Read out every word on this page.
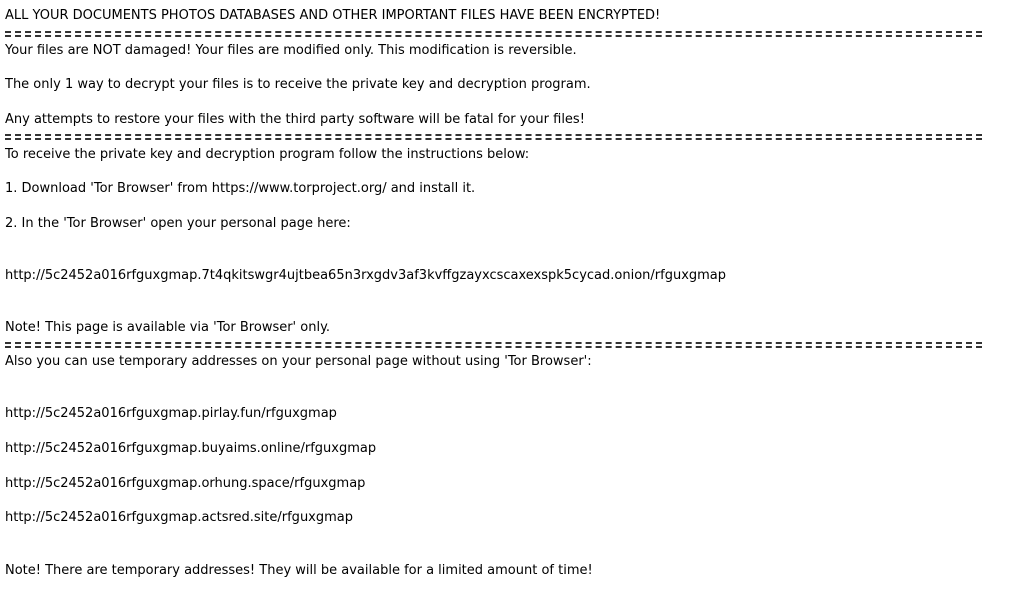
ALL YOUR DOCUMENTS PHOTOS DATABASES AND OTHER IMPORTANT FILES HAVE BEEN ENCRYPTED!
Your files are NOT damaged! Your files are modified only. This modification is reversible.
The only 1 way to decrypt your files is to receive the private key and decryption program.
Any attempts to restore your files with the third party software will be fatal for your files!
To receive the private key and decryption program follow the instructions below:
1. Download 'Tor Browser' from https://www.torproject.org/ and install it.
2. In the 'Tor Browser' open your personal page here:
http://5c2452a016rfguxgmap.7t4qkitswgr4ujtbea65n3rxgdv3af3kvffgzayxcscaxexspk5cycad.onion/rfguxgmap
Note! This page is available via 'Tor Browser' only.
Also you can use temporary addresses on your personal page without using 'Tor Browser':
http://5c2452a016rfguxgmap.pirlay.fun/rfguxgmap
http://5c2452a016rfguxgmap.buyaims.online/rfguxgmap
http://5c2452a016rfguxgmap.orhung.space/rfguxgmap
http://5c2452a016rfguxgmap.actsred.site/rfguxgmap
Note! There are temporary addresses! They will be available for a limited amount of time!
